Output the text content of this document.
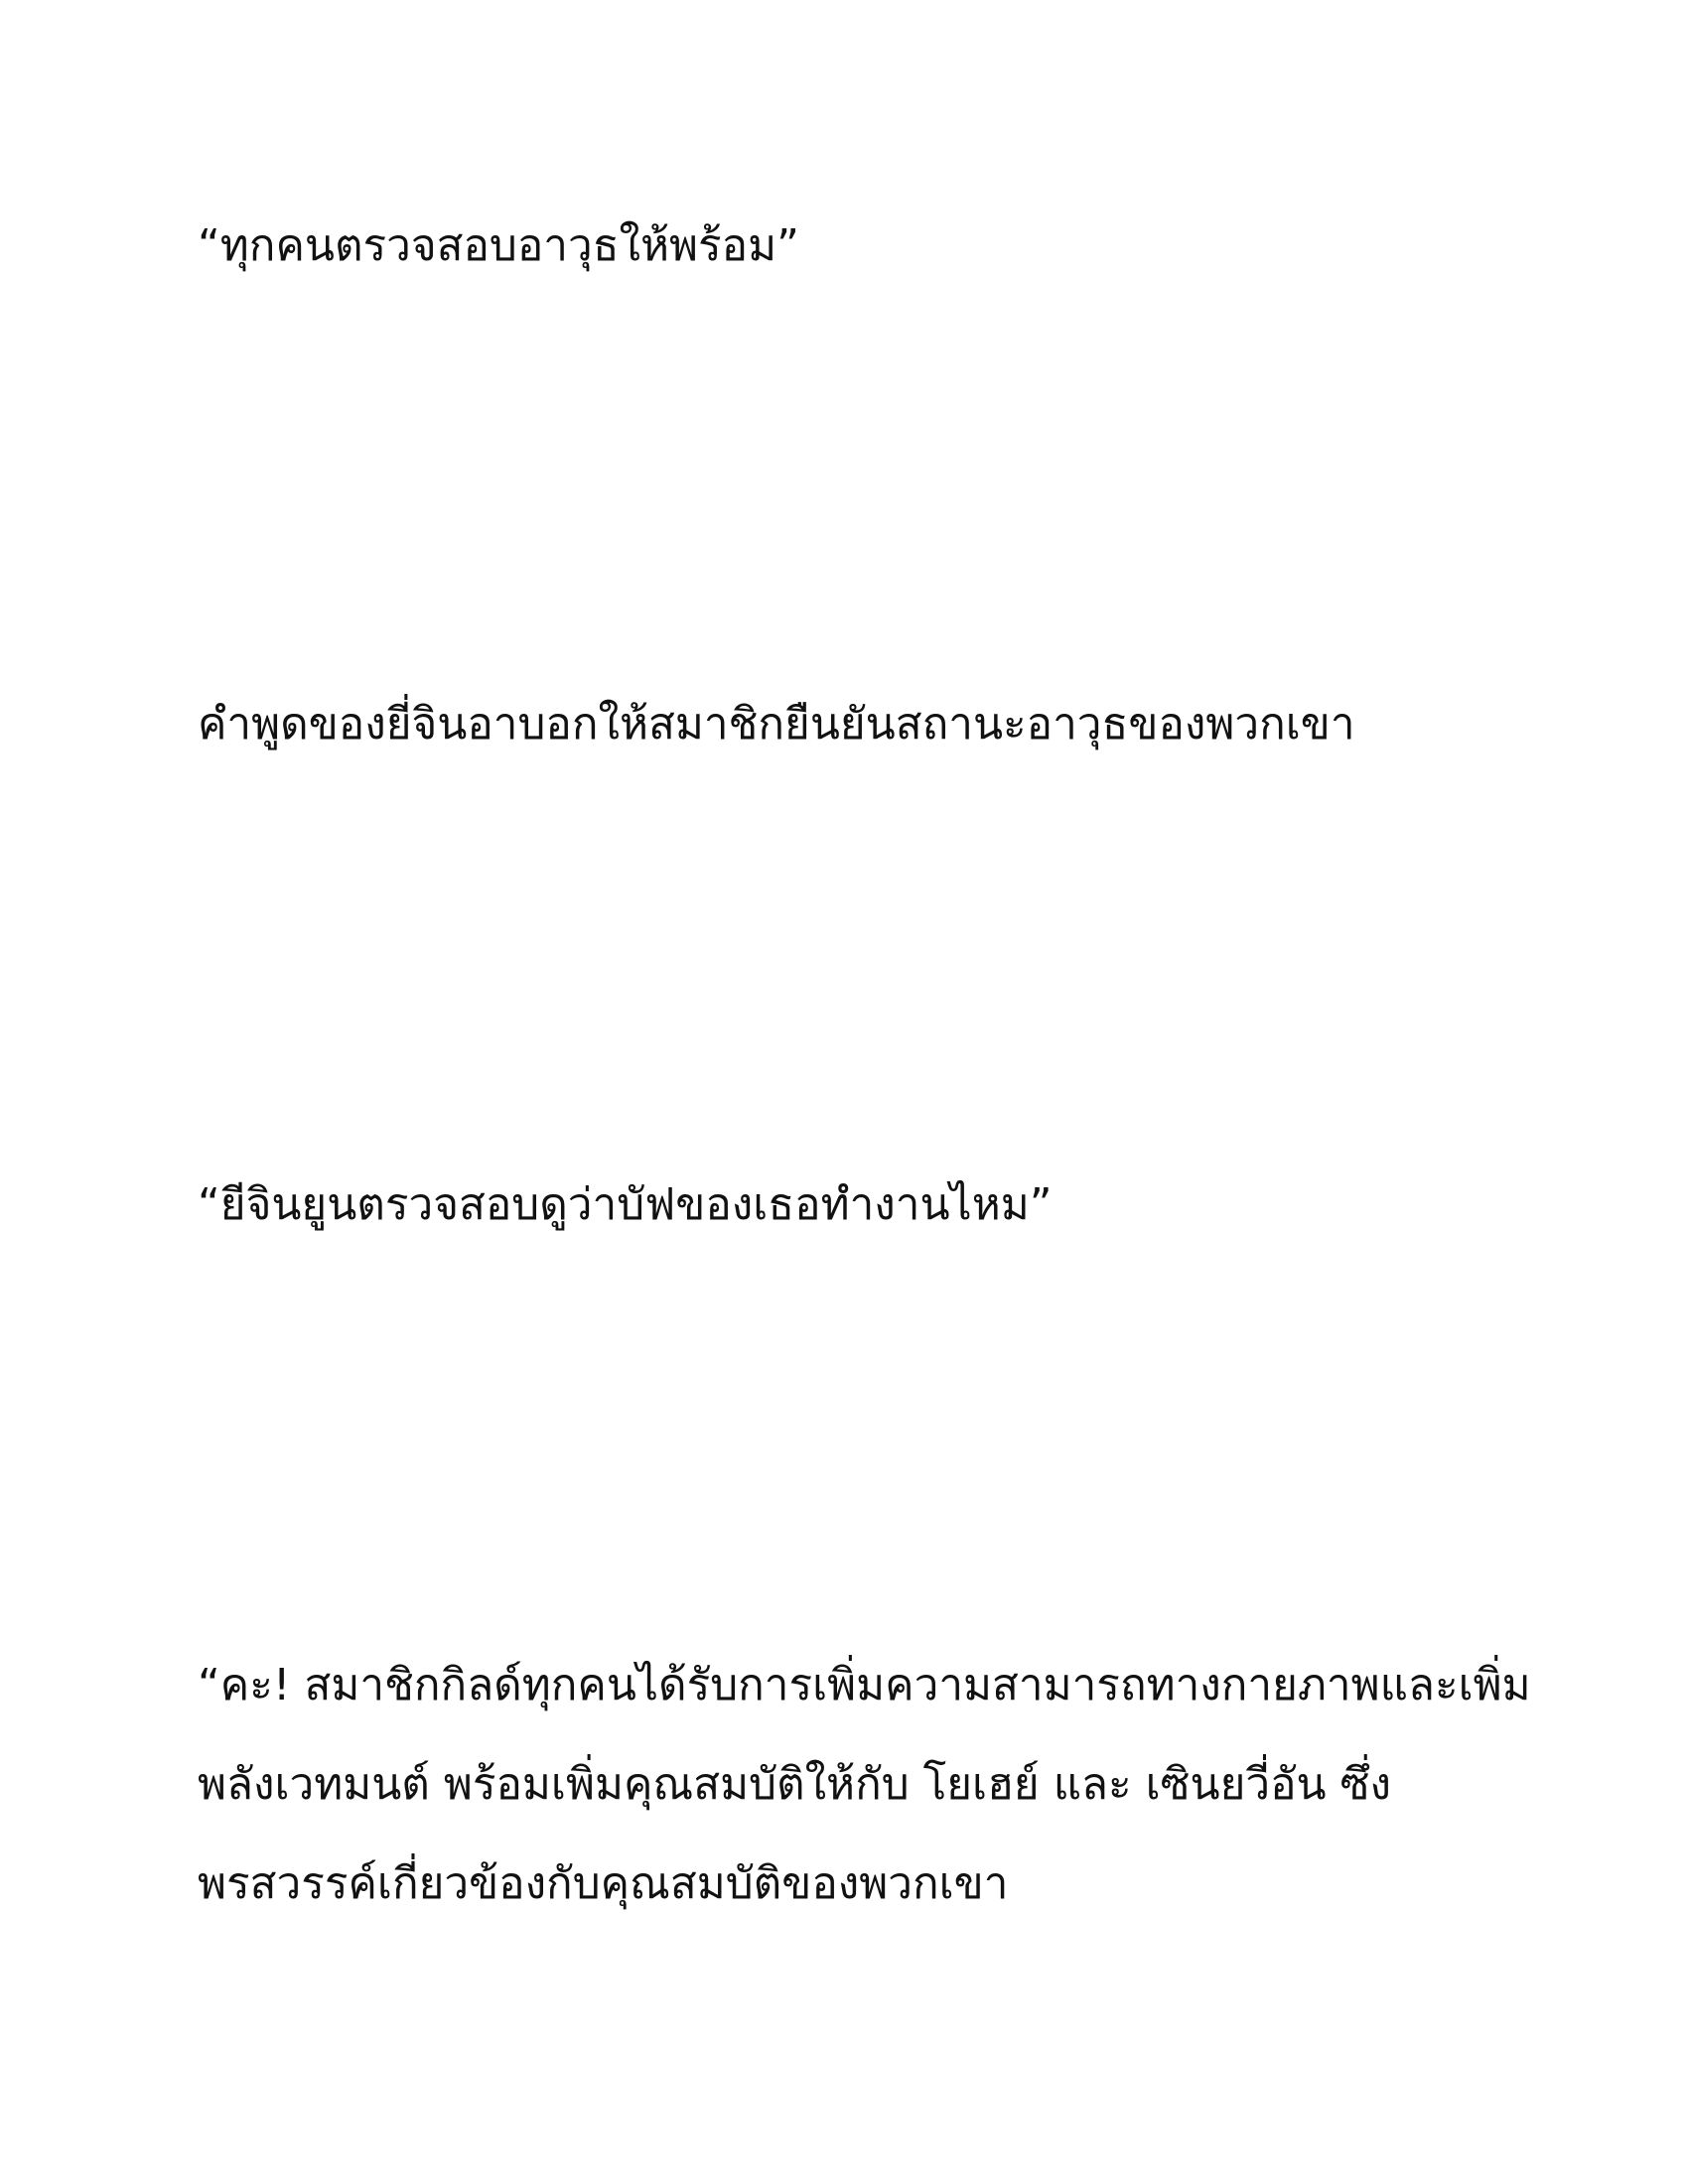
“ทุกคนตรวจสอบอาวุธให้พร้อม”

คำพูดของยี่จินอาบอกให้สมาชิกยืนยันสถานะอาวุธของพวกเขา

“ยีจินยูนตรวจสอบดูว่าบัฟของเธอทำงานไหม”

“คะ! สมาชิกกิลด์ทุกคนได้รับการเพิ่มความสามารถทางกายภาพและเพิ่ม
พลังเวทมนต์ พร้อมเพิ่มคุณสมบัติให้กับ โยเฮย์ และ เซินยวี่อัน ซึ่ง
พรสวรรค์เกี่ยวข้องกับคุณสมบัติของพวกเขา
